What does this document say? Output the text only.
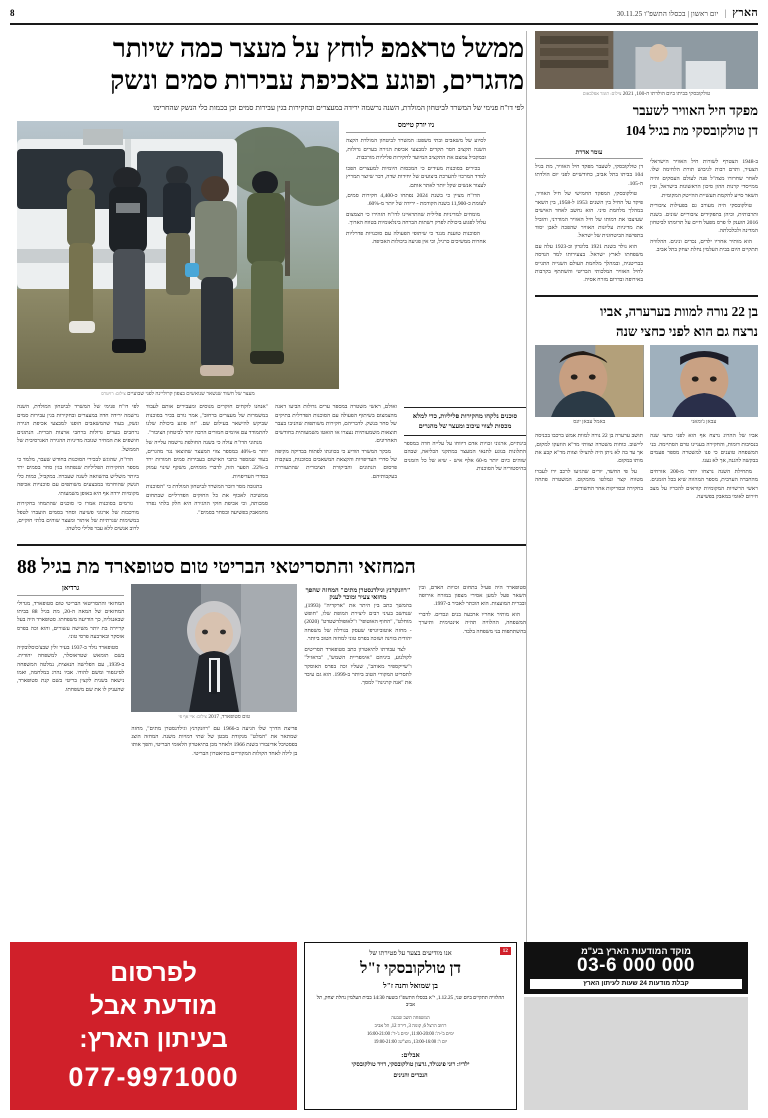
הארץ
|
יום ראשון | בכסלו התשפ"ו 30.11.25
8
ממשל טראמפ לוחץ על מעצר כמה שיותר
מהגרים, ופוגע באכיפת עבירות סמים ונשק
לפי דו"ח פנימי של המשרד לביטחון המולדת, השנה נרשמה ירידה במעצרים ובחקירות בגין עבירות סמים וכן בכמות כלי הנשק שהחרימו
מעצר של חשוד שנשאר שנואשים בצפון קרוליינה לפני שבועיים צילום: רויטרס
ניו יורק טיימס

לסיוע של משאבים ובתי משפט: המשרד לביטחון המולדת הקצה השנה תקציב חסר תקדים למבצעי אכיפת הגירה בערים גדולות, ובמקביל צמצם את התקציב המיועד לחקירות פליליות מורכבות.

בכירים בסוכנות מעידים כי המכסות היומיות למעצרים הפכו למדד המרכזי להערכת ביצועים של יחידות שדה, דבר שיוצר תמריץ לעצור אנשים שקל יותר לאתר אותם.

הדו"ח מציין כי בשנת 2024 נפתחו כ-4,400 חקירות סמים, לעומת כ-11,900 בשנה הקודמת - ירידה של יותר מ-60%.

מומחים למדיניות פלילית שהתראיינו לדו"ח הזהירו כי הצמצום עלול לפגוע ביכולת לפרק רשתות הברחה בינלאומיות בטווח הארוך.

הסוכנות טוענת מנגד כי שיתופי הפעולה עם סוכנויות פדרליות אחרות ממשיכים כרגיל, וכי אין פגיעה ביכולות האכיפה.

לפי דו"ח פנימי של המשרד לביטחון המולדת, השנה נרשמה ירידה חדה במעצרים ובחקירות בגין עבירות סמים ונשק, בעוד שהמשאבים הופנו למבצעי אכיפת הגירה נרחבים בערים גדולות ברחבי ארצות הברית. הנתונים חושפים את המחיר שגובה מדיניות ההגירה האגרסיבית של הממשל.

הדו"ח, שהוגש לבכירי הסוכנות בחודש שעבר, מלמד כי מספר החקירות הפליליות שנפתחו בגין סחר בסמים ירד ביותר משליש בהשוואה לשנה שעברה. במקביל, כמות כלי הנשק שהוחרמו במבצעים משותפים עם סוכנויות אכיפה מקומיות ירדה אף היא באופן משמעותי.

גורמים בסוכנות אמרו כי סוכנים שהתמחו בחקירות מורכבות של ארגוני פשיעה וסחר בסמים הועברו לטפל במשימות שגרתיות של איתור ומעצר שוהים בלתי חוקיים, לרוב אנשים ללא עבר פלילי כלשהו.

"אנחנו לוקחים חוקרים מנוסים ומעבירים אותם לעבוד במשמרות של מעצרים ברחוב", אמר גורם בכיר בסוכנות שביקש להישאר בעילום שם. "זה פוגע ביכולת שלנו להתמודד עם איומים חמורים הרבה יותר לביטחון הציבור".

מנתוני הדו"ח עולה כי בשנה החולפת נרשמה עלייה של יותר מ-40% במספר צווי המעצר שהוצאו נגד מהגרים, בעוד שמספר כתבי האישום בעבירות סמים חמורות ירד ב-22%. הפער הזה, לדברי מומחים, משקף שינוי עמוק בסדרי העדיפויות.

בתגובה מסר דובר המשרד לביטחון המולדת כי "הסוכנות ממשיכה לאכוף את כל החוקים הפדרליים שבתחום סמכותה, וכי אכיפת חוקי ההגירה היא חלק בלתי נפרד מהמאבק בפשיעה ובסחר בסמים".

ואולם, ראשי משטרה במספר ערים גדולות הביעו דאגה מהצמצום בשיתוף הפעולה עם הסוכנות הפדרלית בתיקים של סחר בנשק. לדבריהם, חקירות משותפות שהניבו בעבר תוצאות משמעותיות נעצרו או הואטו משמעותית בחודשים האחרונים.

מבקר המשרד הודיע כי בכוונתו לפתוח בבדיקה מקיפה של סדרי העדיפויות והקצאת המשאבים בסוכנות, בעקבות פרסום הנתונים והביקורת הציבורית שהתעוררה בעקבותיהם.

סוכנים נלקחו מחקירות פליליות, כדי למלא מכסות לצווי עיכוב ומעצר של מהגרים

בינתיים, ארגוני זכויות אדם דיווחו על עלייה חדה במספר התלונות בנוגע לתנאי המעצר במתקני הכליאה, שבהם שוהים כיום יותר מ-60 אלף איש - שיא של כל הזמנים בהיסטוריה של הסוכנות.

המחזאי והתסריטאי הבריטי טום סטופארד מת בגיל 88
גרדיאן

המחזאי והתסריטאי הבריטי טום סטופארד, מגדולי המחזאים של המאה ה-20, מת בגיל 88 בביתו שבאנגליה, כך הודיעה משפחתו. סטופארד היה בעל קריירה בת יותר משישה עשורים, והוא זכה בפרס אוסקר ובארבעה פרסי טוני.

סטופארד נולד ב-1937 בעיר זלין שבצ'כוסלובקיה בשם תומאש שטראוסלר, למשפחה יהודית. ב-1939, עם הפלישה הנאצית, נמלטה המשפחה לסינגפור ומשם להודו. אביו נהרג במלחמה, ואמו נישאה בשנית לקצין בריטי בשם קנת סטופארד, שהעניק לו את שם משפחתו.

טום סטופארד, 2017 צילום: איי אף פי

פריצת הדרך שלו הגיעה ב-1966 עם "רוזנקרנץ וגילדנסטרן מתים", מחזה שמתאר את "המלט" מנקודת מבטן של שתי דמויות משנה. המחזה הוצג בפסטיבל אדינבורו בשנת 1966 ולאחר מכן בתיאטרון הלאומי הבריטי, והפך אותו בן לילה לאחד הקולות המקוריים בתיאטרון הבריטי.

"רוזנקרנץ וגילדנסטרן מתים" המחזה שהפך מחזאי צעיר ומוכר לענק

בהמשך כתב בין היתר את "ארקדיה" (1993), שנחשב בעיני רבים ליצירת המופת שלו, "חופש מוחלט", "החוף האוטופי" ו"לאופולדשטדט" (2020) - מחזה אוטוביוגרפי שעסק בגורלה של משפחה יהודית בווינה ושזכה בפרס טוני למחזה הטוב ביותר.

לצד עבודתו לתיאטרון כתב סטופארד תסריטים לקולנוע, ביניהם "אימפריית השמש", "בראזיל" ו"שייקספיר מאוהב", שעליו זכה בפרס האוסקר לתסריט המקורי הטוב ביותר ב-1999. הוא גם עיבד את "אנה קרנינה" למסך.

סטופארד היה פעיל בתחום זכויות האדם, ובין השאר פעל למען אסירי מצפון במזרח אירופה ובברית המועצות. הוא הוכתר לאביר ב-1997.

הוא מותיר אחריו ארבעה בנים ונכדים. לדברי המשפחה, ההלוויה תהיה אינטימית ותיערך בהשתתפות בני משפחה בלבד.

טולקובסקי בביתו ביום הולדתו ה-100, 2021 צילום: תומר אפלבאום
מפקד חיל האוויר לשעבר
דן טולקובסקי מת בגיל 104
עומר אדרת

דן טולקובסקי, לשעבר מפקד חיל האוויר, מת בגיל 104 בביתו בתל אביב, כחודשיים לפני יום הולדתו ה-105.

טולקובסקי, המפקד החמישי של חיל האוויר, פיקד על החיל בין השנים 1953 ל-1958, בין השאר במהלך מלחמת סיני. הוא נחשב לאחד האישים שעיצבו את דמותו של חיל האוויר המודרני, והוביל את מדיניות עליונות האוויר שהפכה לאבן יסוד בתפישה הביטחונית של ישראל.

הוא נולד בשנת 1921 בלונדון וב-1923 עלה עם משפחתו לארץ ישראל. בצעירותו למד הנדסה בבריטניה, ובמהלך מלחמת העולם השנייה התגייס לחיל האוויר המלכותי הבריטי והשתתף בקרבות באירופה ובדרום מזרח אסיה.

ב-1948 הצטרף לשורות חיל האוויר הישראלי הצעיר, ותרם רבות לגיבוש תורת הלחימה שלו. לאחר שחרורו מצה"ל פנה לעולם העסקים והיה ממייסדי קרנות ההון סיכון הראשונות בישראל, ובין השאר סייע להקמת תעשיית ההייטק המקומית.

טולקובסקי היה מעורב גם בפעילות ציבורית ותרבותית, וכיהן בתפקידים ציבוריים שונים. בשנת 2016 הוענק לו פרס מפעל חיים על תרומתו לביטחון המדינה ולכלכלתה.

הוא מותיר אחריו ילדים, נכדים ונינים. ההלוויה תתקיים היום בבית העלמין נחלת יצחק בתל אביב.

בן 22 נורה למוות בערערה, אביו
נרצח גם הוא לפני כחצי שנה
באמל עבאן יונס	עבאן ג'ומאני

תושב ערערה בן 22 נורה למוות אמש ברכבו בכניסה ליישוב. כוחות משטרה וצוותי מד"א הוזעקו למקום, אך עד בה לא ניתן היה להצילו וצוות מד"א קבע את מותו במקום.

על פי החשד, יורים שהגיעו לרכב ירו לעברו מטווח קצר ונמלטו מהמקום. המשטרה פתחה בחקירה ובסריקות אחר החשודים.

אביו של ההרוג נרצח אף הוא לפני כחצי שנה בנסיבות דומות, והחקירה בעניינו טרם הסתיימה. בני המשפחה טוענים כי פנו למשטרה מספר פעמים בבקשה להגנה, אך לא נענו.

מתחילת השנה נרצחו יותר מ-200 אזרחים מהחברה הערבית, מספר המהווה שיא בכל הזמנים. ראשי הרשויות המקומיות קוראים להכריז על מצב חירום לאומי במאבק בפשיעה.

לפרסום
מודעת אבל
בעיתון הארץ:
077-9971000
12
אנו מודיעים בצער על פטירתו של
דן טולקובסקי ז"ל
בן שמואל וחנה ז"ל
ההלוויה תתקיים ביום שני, 1.12.25, י"א בכסלו התשפ"ו בשעה 14:30 בבית העלמין נחלת יצחק, תל אביב
המשפחה תשב שבעה
רחוב הרצל 6, קומה 3, דירה 12, תל אביב
ימים ב'-ה': 11:00-20:00, ימים ג'-ד': 16:00-21:00
יום ו': 13:00-16:00, מוצ"ש: 19:00-21:00
אבלים:
ילדיו: רוני פינגולד, גדעון טולקובסקי, דויד טולקובסקי
הנכדים והנינים
מוקד המודעות הארץ בע"מ
03-6 000 000
קבלת מודעות 24 שעות לעיתון הארץ
